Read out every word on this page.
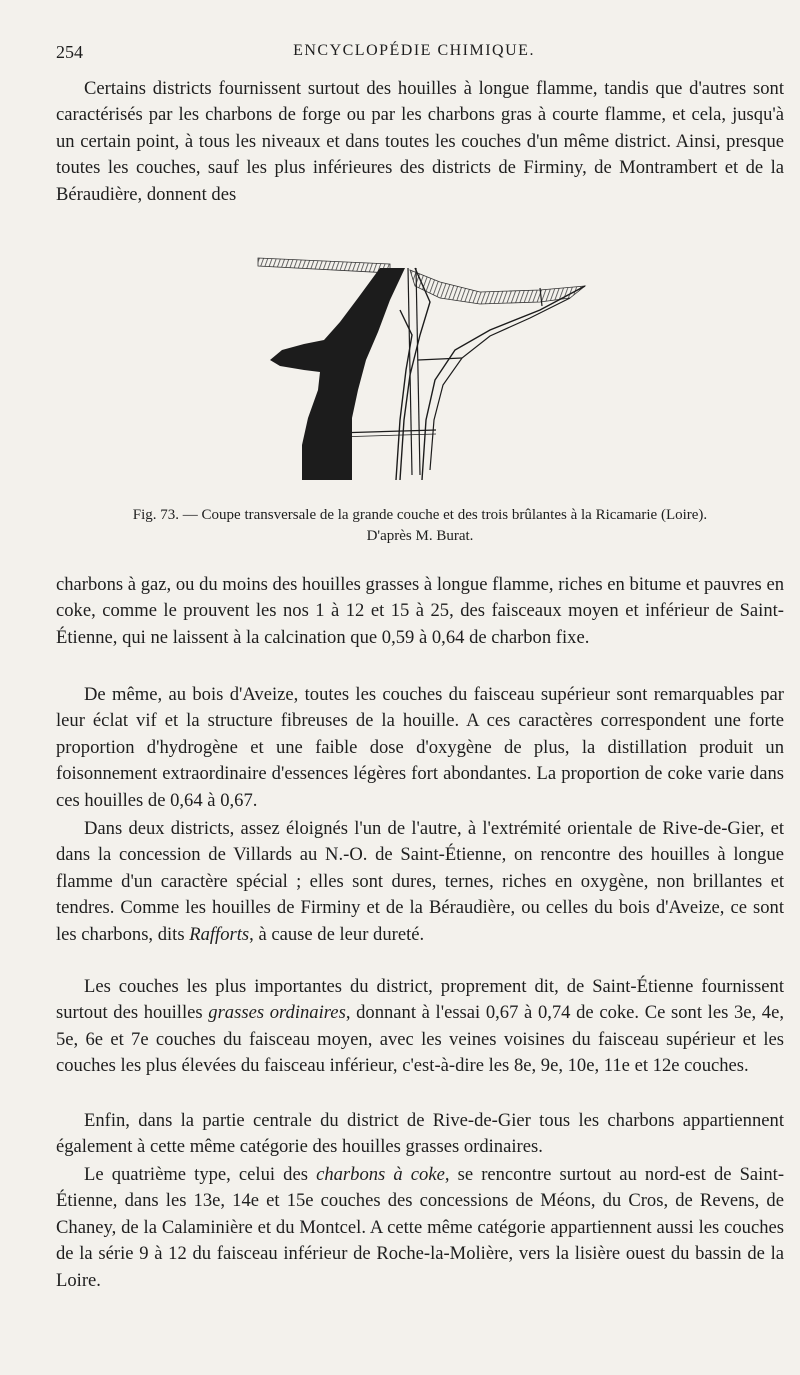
254	ENCYCLOPÉDIE CHIMIQUE.

Certains districts fournissent surtout des houilles à longue flamme, tandis que d'autres sont caractérisés par les charbons de forge ou par les charbons gras à courte flamme, et cela, jusqu'à un certain point, à tous les niveaux et dans toutes les couches d'un même district. Ainsi, presque toutes les couches, sauf les plus inférieures des districts de Firminy, de Montrambert et de la Béraudière, donnent des

Fig. 73. — Coupe transversale de la grande couche et des trois brûlantes à la Ricamarie (Loire).
D'après M. Burat.

charbons à gaz, ou du moins des houilles grasses à longue flamme, riches en bitume et pauvres en coke, comme le prouvent les nos 1 à 12 et 15 à 25, des faisceaux moyen et inférieur de Saint-Étienne, qui ne laissent à la calcination que 0,59 à 0,64 de charbon fixe.

De même, au bois d'Aveize, toutes les couches du faisceau supérieur sont remarquables par leur éclat vif et la structure fibreuses de la houille. A ces caractères correspondent une forte proportion d'hydrogène et une faible dose d'oxygène de plus, la distillation produit un foisonnement extraordinaire d'essences légères fort abondantes. La proportion de coke varie dans ces houilles de 0,64 à 0,67.

Dans deux districts, assez éloignés l'un de l'autre, à l'extrémité orientale de Rive-de-Gier, et dans la concession de Villards au N.-O. de Saint-Étienne, on rencontre des houilles à longue flamme d'un caractère spécial ; elles sont dures, ternes, riches en oxygène, non brillantes et tendres. Comme les houilles de Firminy et de la Béraudière, ou celles du bois d'Aveize, ce sont les charbons, dits Rafforts, à cause de leur dureté.

Les couches les plus importantes du district, proprement dit, de Saint-Étienne fournissent surtout des houilles grasses ordinaires, donnant à l'essai 0,67 à 0,74 de coke. Ce sont les 3e, 4e, 5e, 6e et 7e couches du faisceau moyen, avec les veines voisines du faisceau supérieur et les couches les plus élevées du faisceau inférieur, c'est-à-dire les 8e, 9e, 10e, 11e et 12e couches.

Enfin, dans la partie centrale du district de Rive-de-Gier tous les charbons appartiennent également à cette même catégorie des houilles grasses ordinaires.

Le quatrième type, celui des charbons à coke, se rencontre surtout au nord-est de Saint-Étienne, dans les 13e, 14e et 15e couches des concessions de Méons, du Cros, de Revens, de Chaney, de la Calaminière et du Montcel. A cette même catégorie appartiennent aussi les couches de la série 9 à 12 du faisceau inférieur de Roche-la-Molière, vers la lisière ouest du bassin de la Loire.
